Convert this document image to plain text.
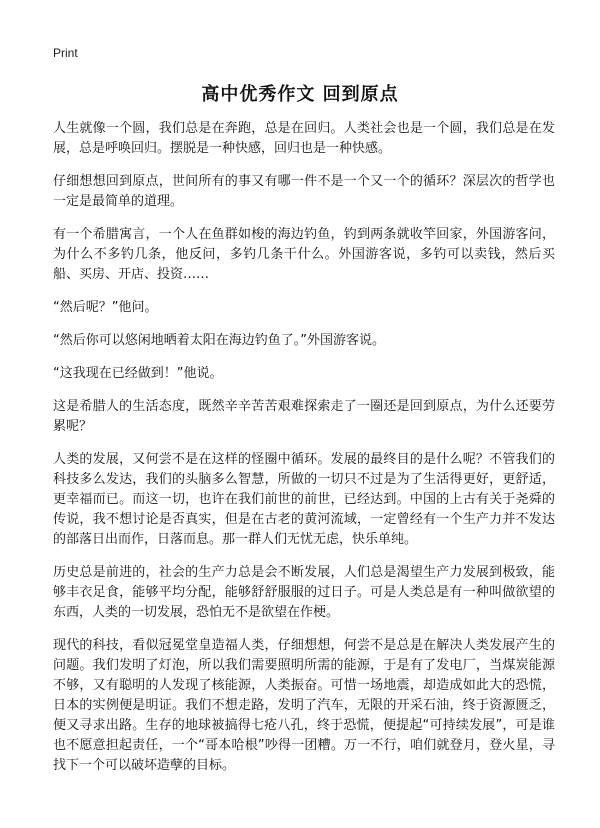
Print
高中优秀作文 回到原点

人生就像一个圆，我们总是在奔跑，总是在回归。人类社会也是一个圆，我们总是在发展，总是呼唤回归。摆脱是一种快感，回归也是一种快感。

仔细想想回到原点，世间所有的事又有哪一件不是一个又一个的循环？深层次的哲学也一定是最简单的道理。

有一个希腊寓言，一个人在鱼群如梭的海边钓鱼，钓到两条就收竿回家，外国游客问，为什么不多钓几条，他反问，多钓几条干什么。外国游客说，多钓可以卖钱，然后买船、买房、开店、投资……

“然后呢？”他问。

“然后你可以悠闲地晒着太阳在海边钓鱼了。”外国游客说。

“这我现在已经做到！”他说。

这是希腊人的生活态度，既然辛辛苦苦艰难探索走了一圈还是回到原点，为什么还要劳累呢？

人类的发展，又何尝不是在这样的怪圈中循环。发展的最终目的是什么呢？不管我们的科技多么发达，我们的头脑多么智慧，所做的一切只不过是为了生活得更好，更舒适，更幸福而已。而这一切，也许在我们前世的前世，已经达到。中国的上古有关于尧舜的传说，我不想讨论是否真实，但是在古老的黄河流域，一定曾经有一个生产力并不发达的部落日出而作，日落而息。那一群人们无忧无虑，快乐单纯。

历史总是前进的，社会的生产力总是会不断发展，人们总是渴望生产力发展到极致，能够丰衣足食，能够平均分配，能够舒舒服服的过日子。可是人类总是有一种叫做欲望的东西，人类的一切发展，恐怕无不是欲望在作梗。

现代的科技，看似冠冕堂皇造福人类，仔细想想，何尝不是总是在解决人类发展产生的问题。我们发明了灯泡，所以我们需要照明所需的能源，于是有了发电厂，当煤炭能源不够，又有聪明的人发现了核能源，人类振奋。可惜一场地震，却造成如此大的恐慌，日本的实例便是明证。我们不想走路，发明了汽车，无限的开采石油，终于资源匮乏，便又寻求出路。生存的地球被搞得七疮八孔，终于恐慌，便提起“可持续发展”，可是谁也不愿意担起责任，一个“哥本哈根”吵得一团糟。万一不行，咱们就登月，登火星，寻找下一个可以破坏造孽的目标。
